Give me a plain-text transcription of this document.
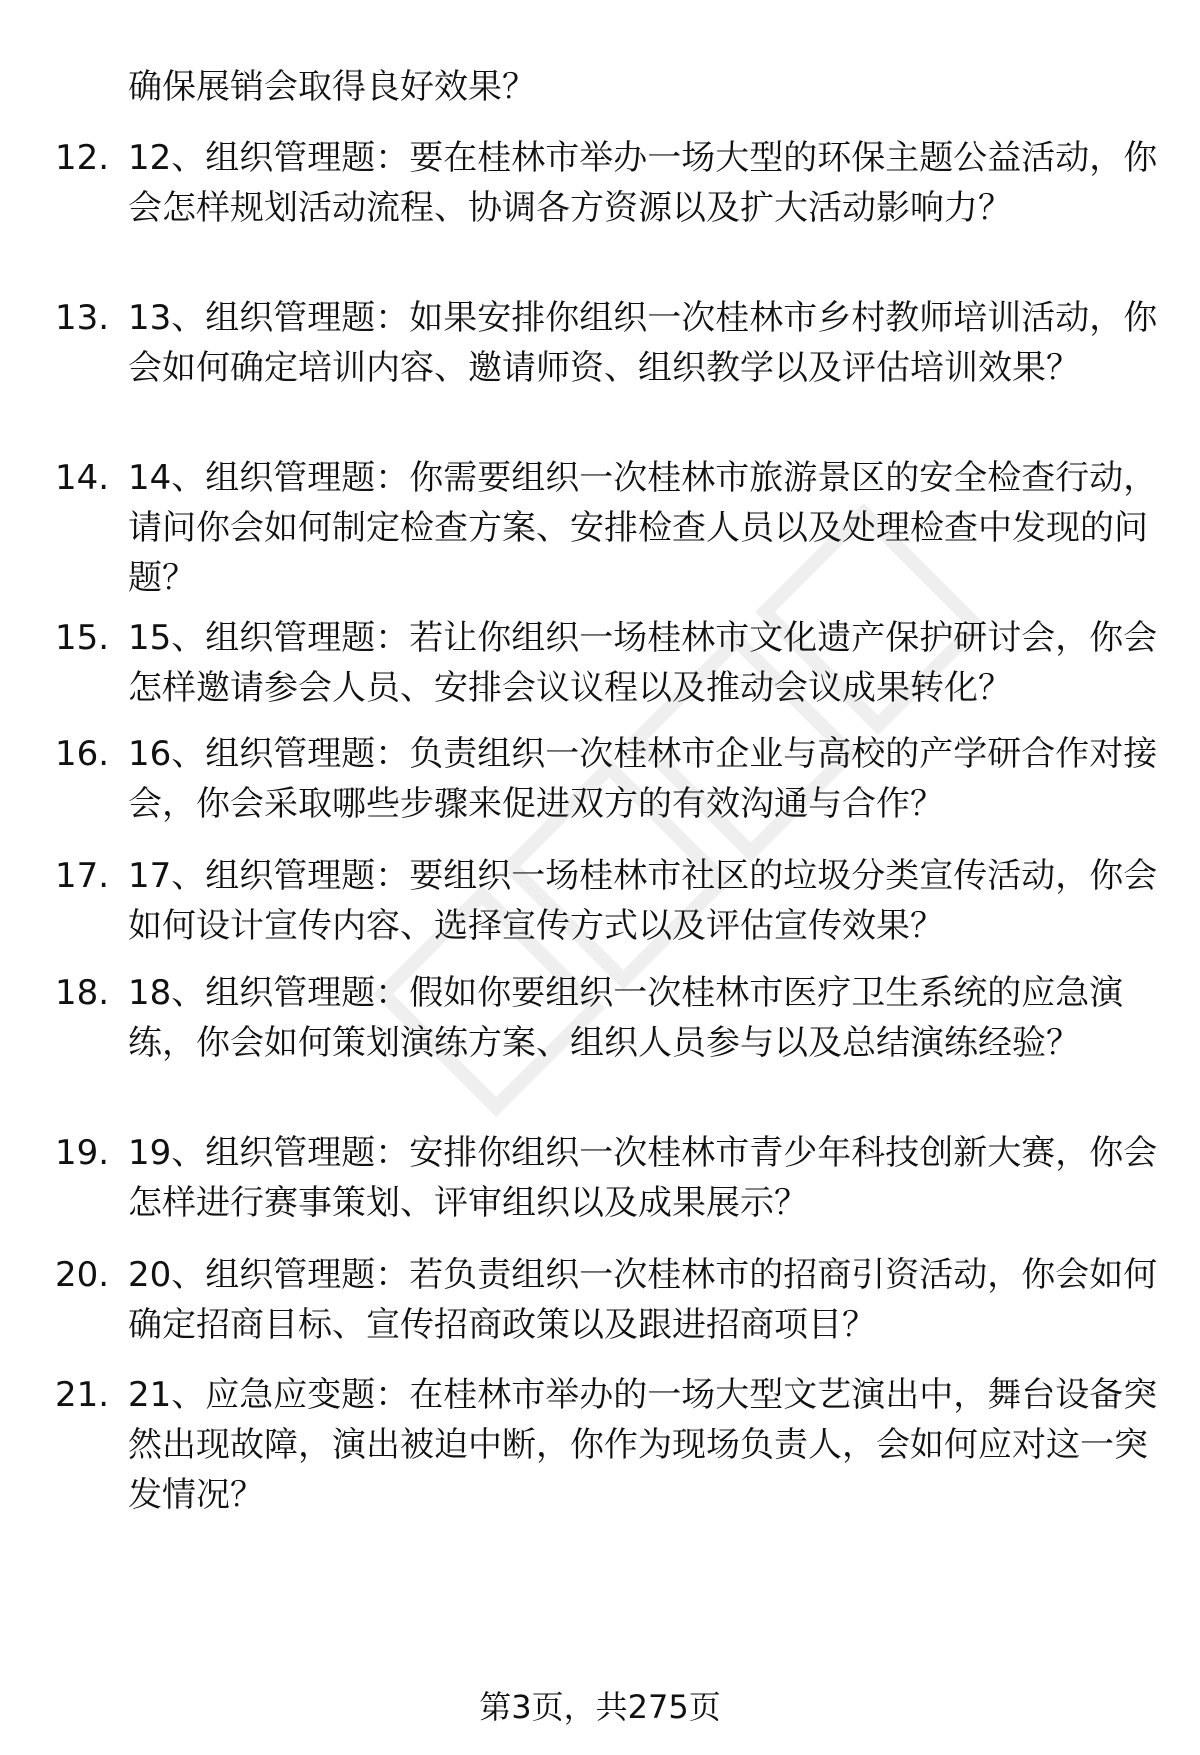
确保展销会取得良好效果？
12. 12、组织管理题：要在桂林市举办一场大型的环保主题公益活动，你会怎样规划活动流程、协调各方资源以及扩大活动影响力？
13. 13、组织管理题：如果安排你组织一次桂林市乡村教师培训活动，你会如何确定培训内容、邀请师资、组织教学以及评估培训效果？
14. 14、组织管理题：你需要组织一次桂林市旅游景区的安全检查行动，请问你会如何制定检查方案、安排检查人员以及处理检查中发现的问题？
15. 15、组织管理题：若让你组织一场桂林市文化遗产保护研讨会，你会怎样邀请参会人员、安排会议议程以及推动会议成果转化？
16. 16、组织管理题：负责组织一次桂林市企业与高校的产学研合作对接会，你会采取哪些步骤来促进双方的有效沟通与合作？
17. 17、组织管理题：要组织一场桂林市社区的垃圾分类宣传活动，你会如何设计宣传内容、选择宣传方式以及评估宣传效果？
18. 18、组织管理题：假如你要组织一次桂林市医疗卫生系统的应急演练，你会如何策划演练方案、组织人员参与以及总结演练经验？
19. 19、组织管理题：安排你组织一次桂林市青少年科技创新大赛，你会怎样进行赛事策划、评审组织以及成果展示？
20. 20、组织管理题：若负责组织一次桂林市的招商引资活动，你会如何确定招商目标、宣传招商政策以及跟进招商项目？
21. 21、应急应变题：在桂林市举办的一场大型文艺演出中，舞台设备突然出现故障，演出被迫中断，你作为现场负责人，会如何应对这一突发情况？
第3页，共275页
